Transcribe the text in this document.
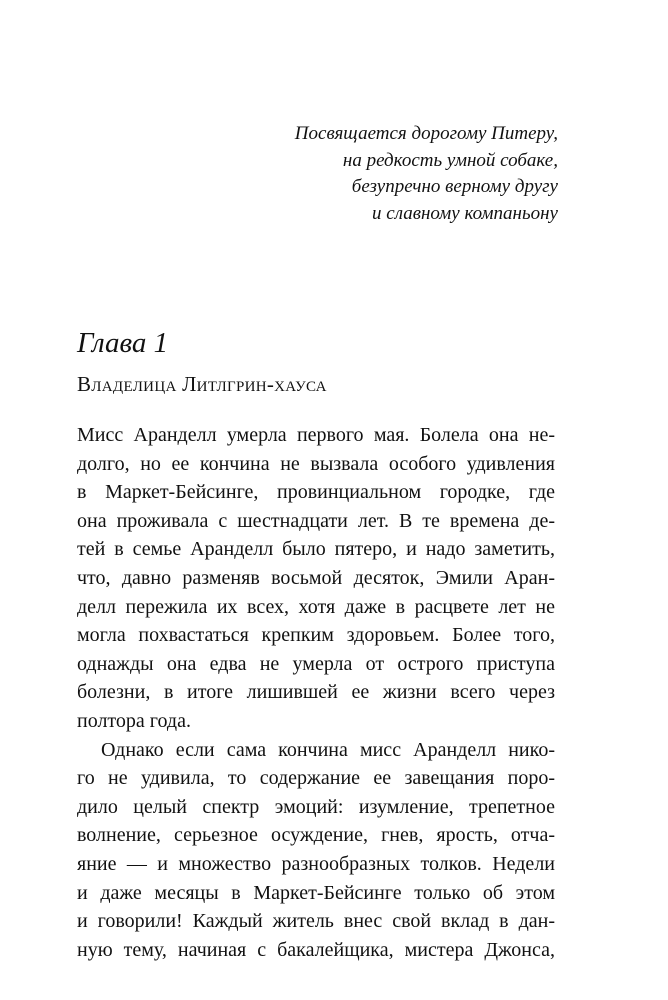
Посвящается дорогому Питеру,
на редкость умной собаке,
безупречно верному другу
и славному компаньону
Глава 1
Владелица Литлгрин-хауса
Мисс Аранделл умерла первого мая. Болела она не-
долго, но ее кончина не вызвала особого удивления
в Маркет-Бейсинге, провинциальном городке, где
она проживала с шестнадцати лет. В те времена де-
тей в семье Аранделл было пятеро, и надо заметить,
что, давно разменяв восьмой десяток, Эмили Аран-
делл пережила их всех, хотя даже в расцвете лет не
могла похвастаться крепким здоровьем. Более того,
однажды она едва не умерла от острого приступа
болезни, в итоге лишившей ее жизни всего через
полтора года.
Однако если сама кончина мисс Аранделл нико-
го не удивила, то содержание ее завещания поро-
дило целый спектр эмоций: изумление, трепетное
волнение, серьезное осуждение, гнев, ярость, отча-
яние — и множество разнообразных толков. Недели
и даже месяцы в Маркет-Бейсинге только об этом
и говорили! Каждый житель внес свой вклад в дан-
ную тему, начиная с бакалейщика, мистера Джонса,
